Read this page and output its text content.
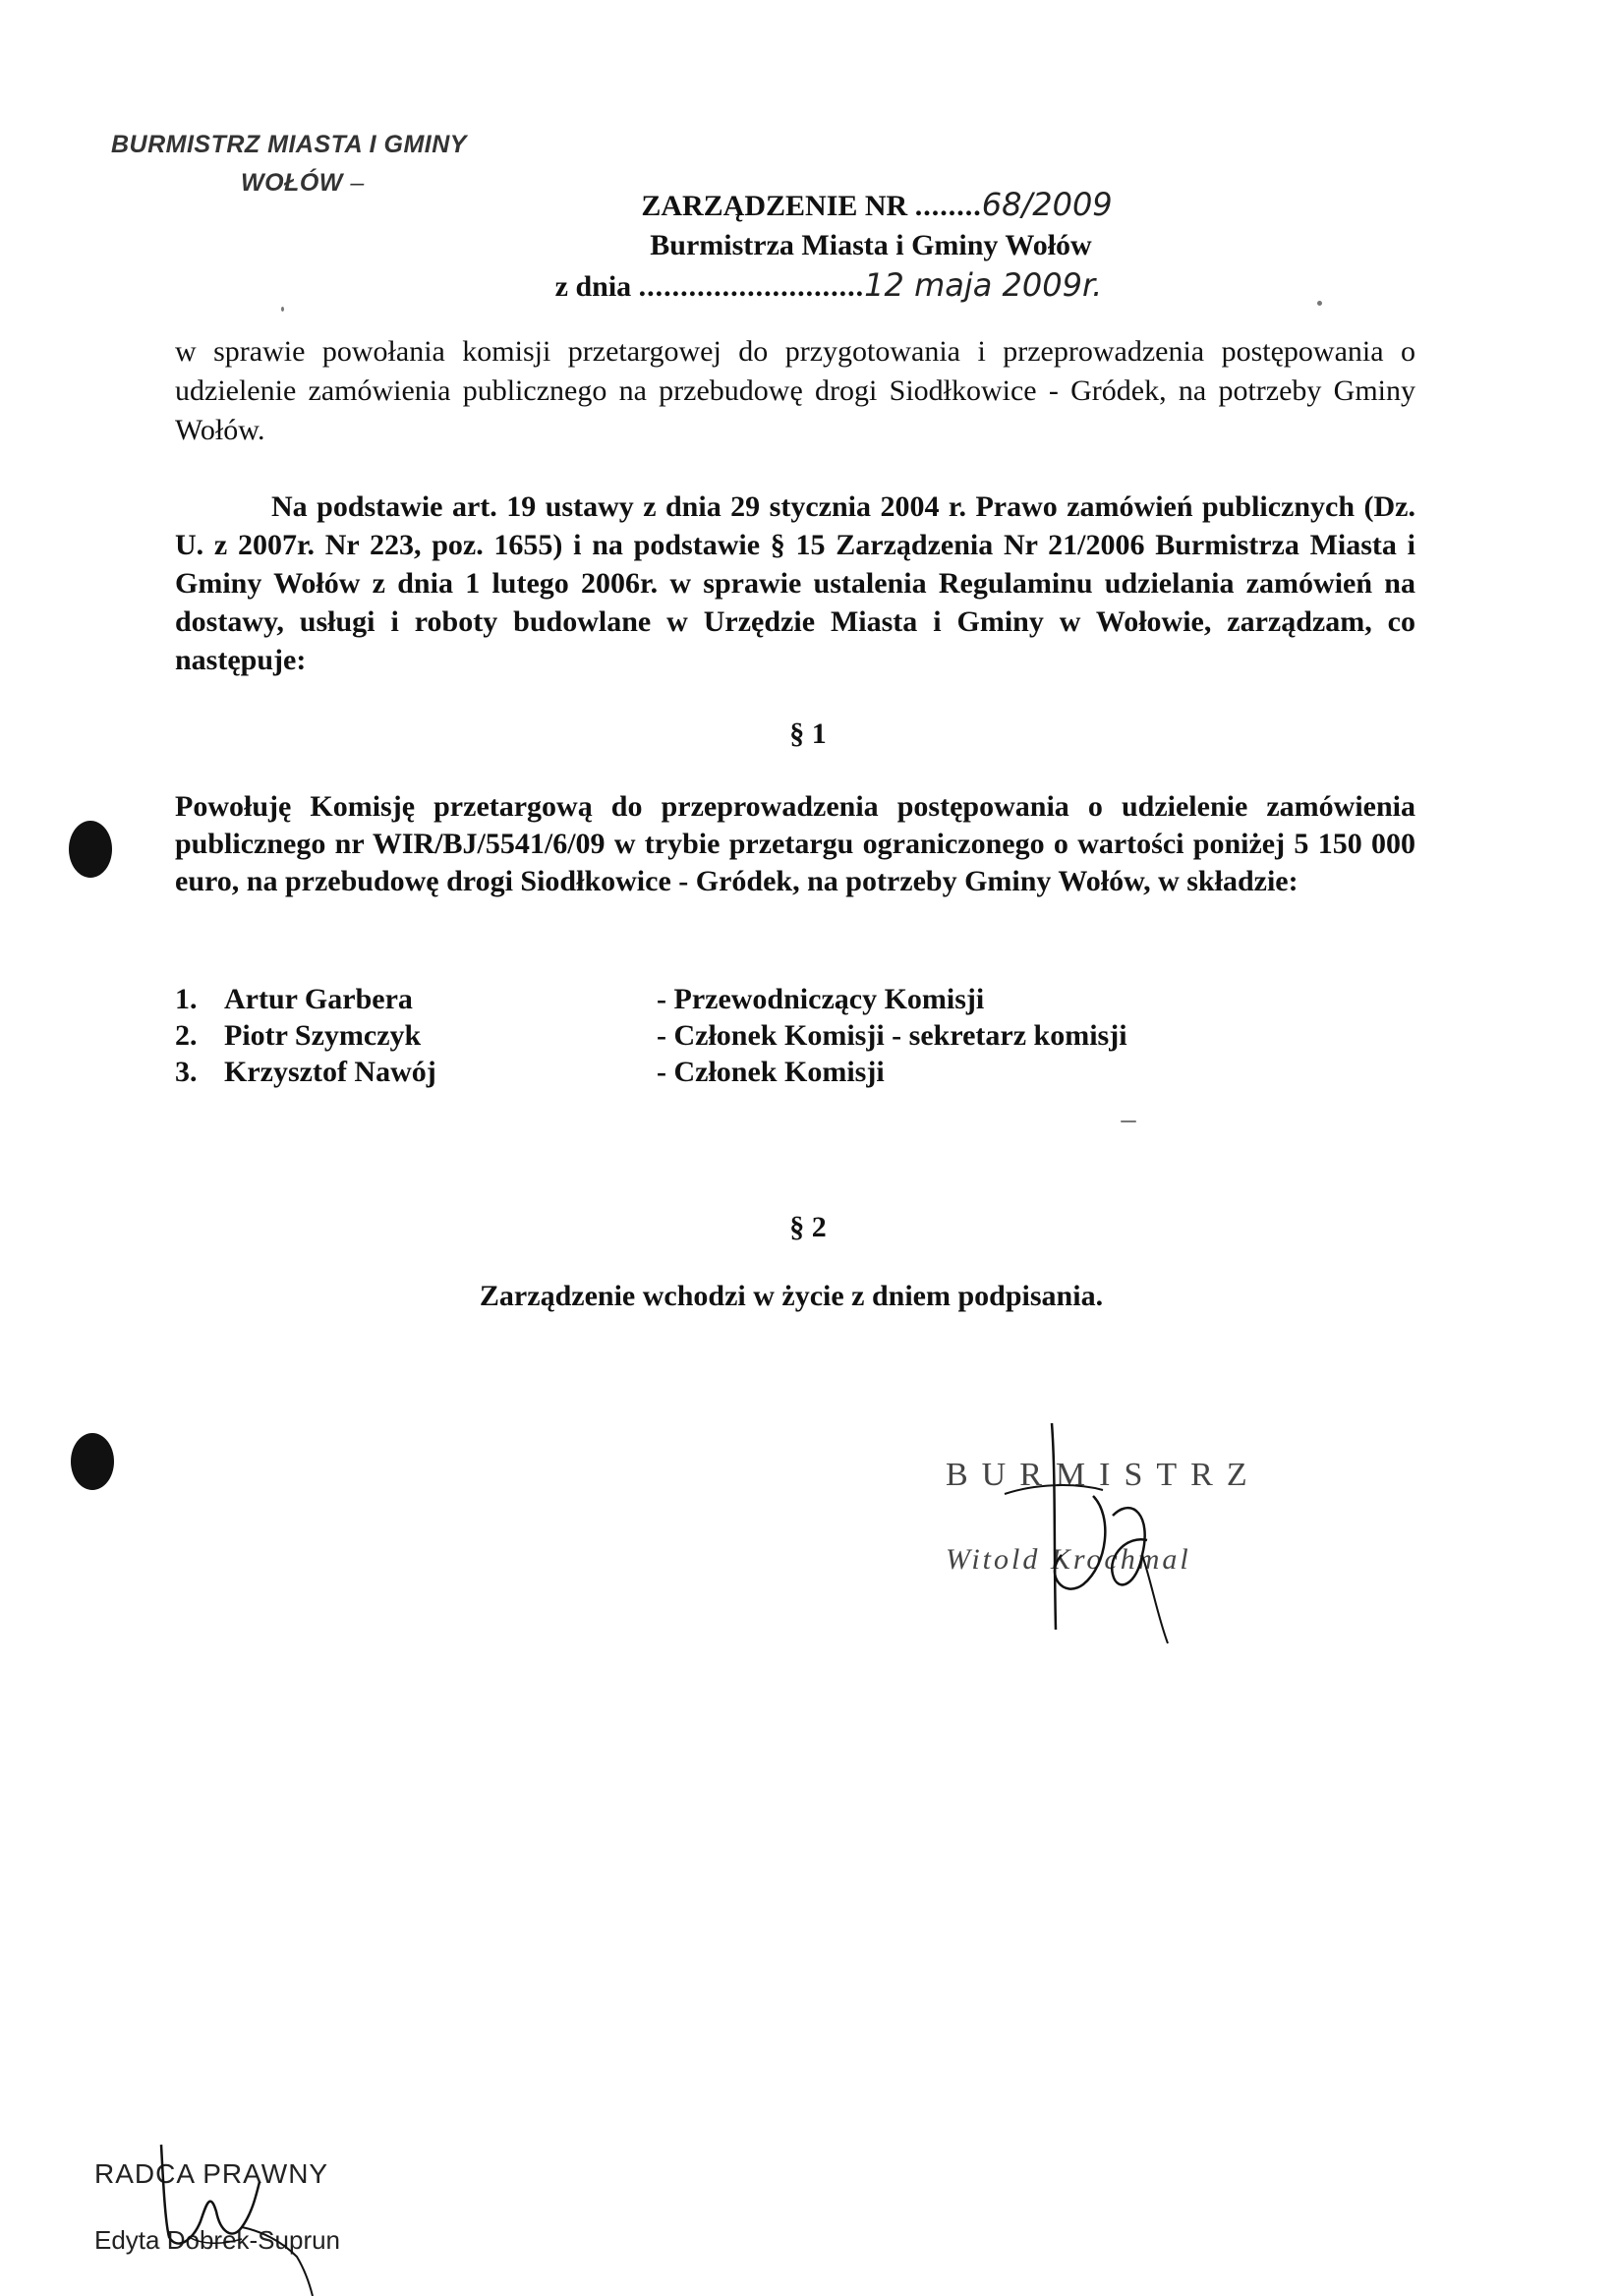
BURMISTRZ MIASTA I GMINY
WOŁÓW –
ZARZĄDZENIE NR ........68/2009
Burmistrza Miasta i Gminy Wołów
z dnia ...........................12 maja 2009r.
w sprawie powołania komisji przetargowej do przygotowania i przeprowadzenia postępowania o udzielenie zamówienia publicznego na przebudowę drogi Siodłkowice - Gródek, na potrzeby Gminy Wołów.
Na podstawie art. 19 ustawy z dnia 29 stycznia 2004 r. Prawo zamówień publicznych (Dz. U. z 2007r. Nr 223, poz. 1655) i na podstawie § 15 Zarządzenia Nr 21/2006 Burmistrza Miasta i Gminy Wołów z dnia 1 lutego 2006r. w sprawie ustalenia Regulaminu udzielania zamówień na dostawy, usługi i roboty budowlane w Urzędzie Miasta i Gminy w Wołowie, zarządzam, co następuje:
§ 1
Powołuję Komisję przetargową do przeprowadzenia postępowania o udzielenie zamówienia publicznego nr WIR/BJ/5541/6/09 w trybie przetargu ograniczonego o wartości poniżej 5 150 000 euro, na przebudowę drogi Siodłkowice - Gródek, na potrzeby Gminy Wołów, w składzie:
1. Artur Garbera	- Przewodniczący Komisji
2. Piotr Szymczyk	- Członek Komisji - sekretarz komisji
3. Krzysztof Nawój	- Członek Komisji
§ 2
Zarządzenie wchodzi w życie z dniem podpisania.
BURMISTRZ
Witold Krochmal
RADCA PRAWNY
Edyta Dobrek-Suprun
